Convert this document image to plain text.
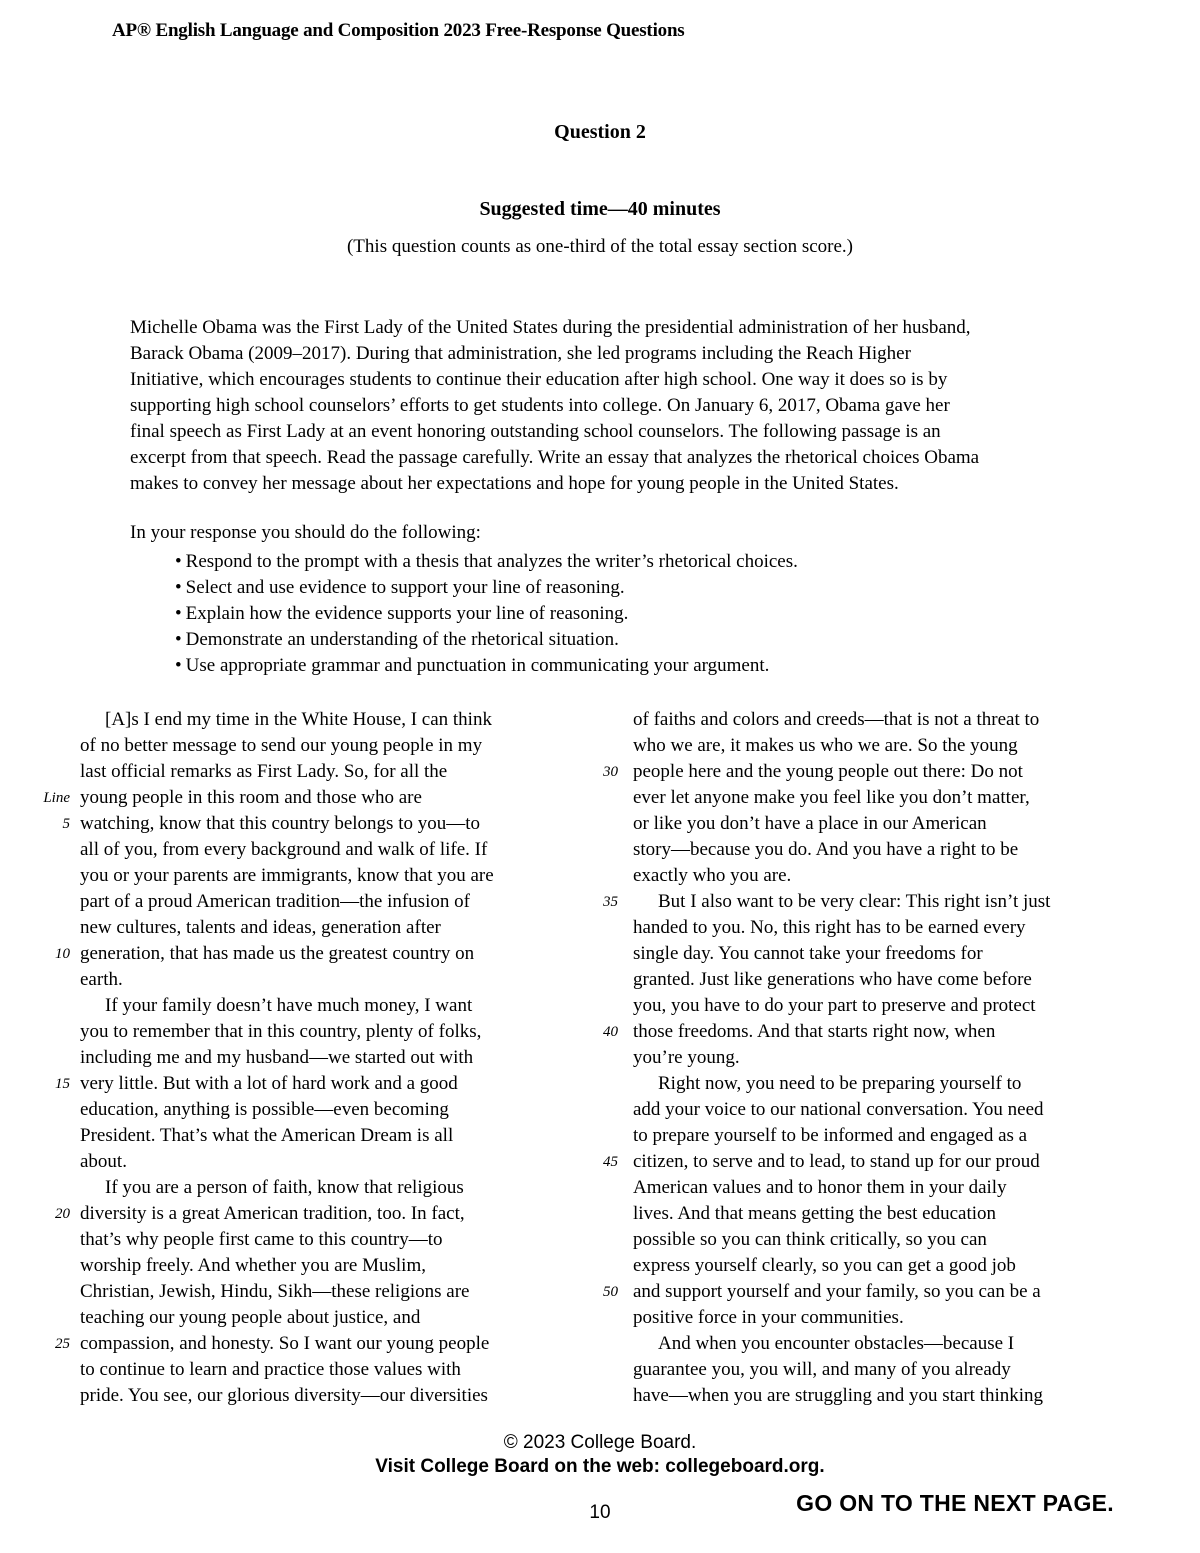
AP® English Language and Composition 2023 Free-Response Questions
Question 2
Suggested time—40 minutes
(This question counts as one-third of the total essay section score.)
Michelle Obama was the First Lady of the United States during the presidential administration of her husband,
Barack Obama (2009–2017). During that administration, she led programs including the Reach Higher
Initiative, which encourages students to continue their education after high school. One way it does so is by
supporting high school counselors’ efforts to get students into college. On January 6, 2017, Obama gave her
final speech as First Lady at an event honoring outstanding school counselors. The following passage is an
excerpt from that speech. Read the passage carefully. Write an essay that analyzes the rhetorical choices Obama
makes to convey her message about her expectations and hope for young people in the United States.
In your response you should do the following:
• Respond to the prompt with a thesis that analyzes the writer’s rhetorical choices.
• Select and use evidence to support your line of reasoning.
• Explain how the evidence supports your line of reasoning.
• Demonstrate an understanding of the rhetorical situation.
• Use appropriate grammar and punctuation in communicating your argument.
[A]s I end my time in the White House, I can think
of no better message to send our young people in my
last official remarks as First Lady. So, for all the
Line young people in this room and those who are
5 watching, know that this country belongs to you—to
all of you, from every background and walk of life. If
you or your parents are immigrants, know that you are
part of a proud American tradition—the infusion of
new cultures, talents and ideas, generation after
10 generation, that has made us the greatest country on
earth.
If your family doesn’t have much money, I want
you to remember that in this country, plenty of folks,
including me and my husband—we started out with
15 very little. But with a lot of hard work and a good
education, anything is possible—even becoming
President. That’s what the American Dream is all
about.
If you are a person of faith, know that religious
20 diversity is a great American tradition, too. In fact,
that’s why people first came to this country—to
worship freely. And whether you are Muslim,
Christian, Jewish, Hindu, Sikh—these religions are
teaching our young people about justice, and
25 compassion, and honesty. So I want our young people
to continue to learn and practice those values with
pride. You see, our glorious diversity—our diversities
of faiths and colors and creeds—that is not a threat to
who we are, it makes us who we are. So the young
30 people here and the young people out there: Do not
ever let anyone make you feel like you don’t matter,
or like you don’t have a place in our American
story—because you do. And you have a right to be
exactly who you are.
35 But I also want to be very clear: This right isn’t just
handed to you. No, this right has to be earned every
single day. You cannot take your freedoms for
granted. Just like generations who have come before
you, you have to do your part to preserve and protect
40 those freedoms. And that starts right now, when
you’re young.
Right now, you need to be preparing yourself to
add your voice to our national conversation. You need
to prepare yourself to be informed and engaged as a
45 citizen, to serve and to lead, to stand up for our proud
American values and to honor them in your daily
lives. And that means getting the best education
possible so you can think critically, so you can
express yourself clearly, so you can get a good job
50 and support yourself and your family, so you can be a
positive force in your communities.
And when you encounter obstacles—because I
guarantee you, you will, and many of you already
have—when you are struggling and you start thinking
© 2023 College Board.
Visit College Board on the web: collegeboard.org.
10	GO ON TO THE NEXT PAGE.
